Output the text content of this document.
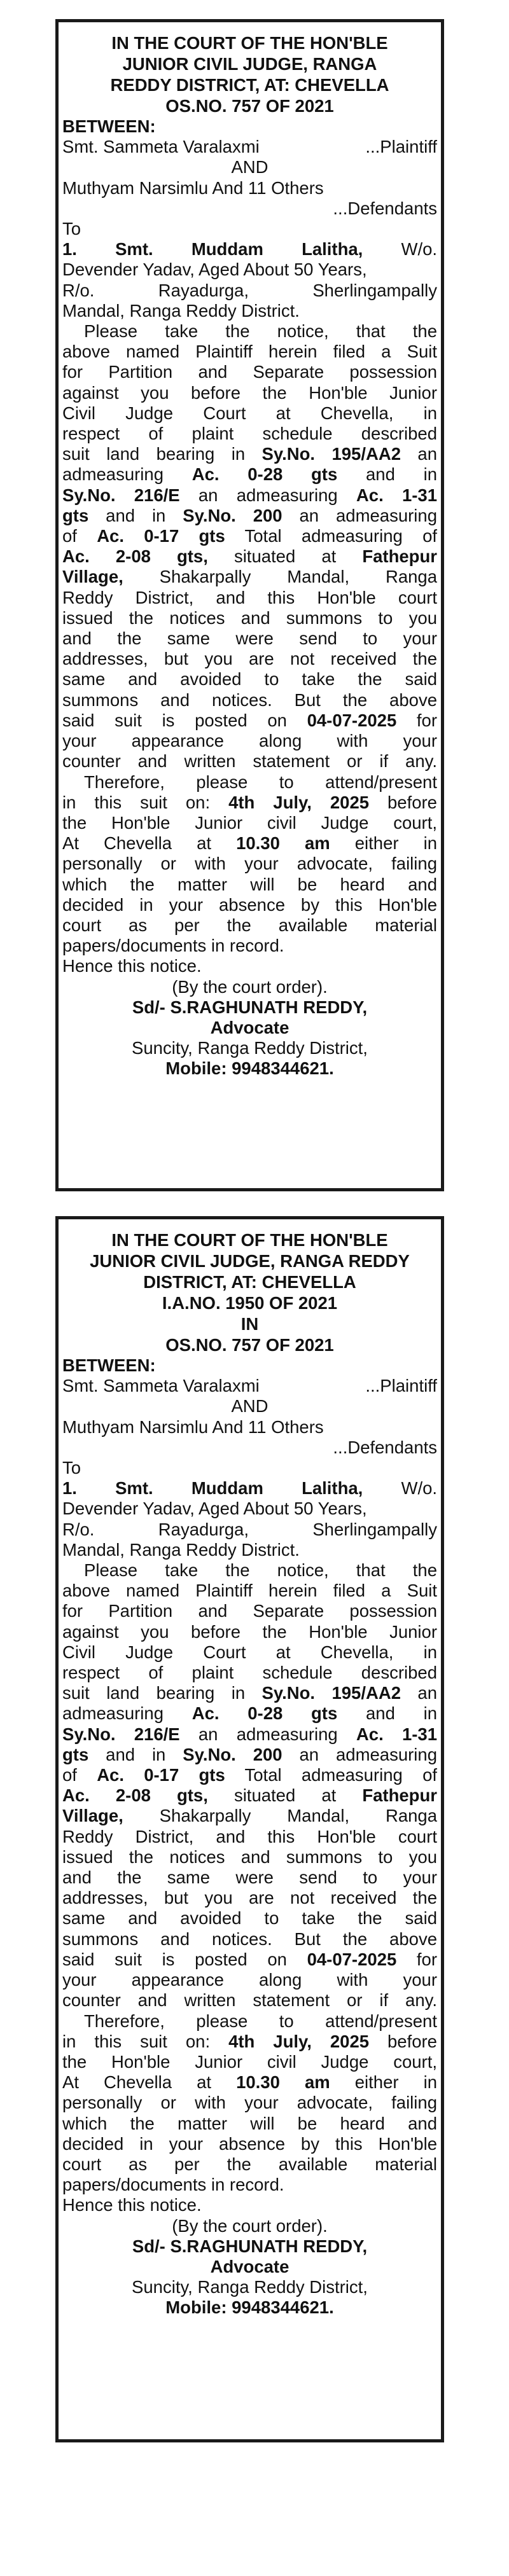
IN THE COURT OF THE HON'BLE
JUNIOR CIVIL JUDGE, RANGA
REDDY DISTRICT, AT: CHEVELLA
OS.NO. 757 OF 2021
BETWEEN:
Smt. Sammeta Varalaxmi	...Plaintiff
AND
Muthyam Narsimlu And 11 Others
...Defendants
To
1. Smt. Muddam Lalitha, W/o.
Devender Yadav, Aged About 50 Years,
R/o.	Rayadurga,	Sherlingampally
Mandal, Ranga Reddy District.
Please take the notice, that the
above named Plaintiff herein filed a Suit
for Partition and Separate possession
against you before the Hon'ble Junior
Civil Judge Court at Chevella, in
respect of plaint schedule described
suit land bearing in Sy.No. 195/AA2 an
admeasuring Ac. 0-28 gts and in
Sy.No. 216/E an admeasuring Ac. 1-31
gts and in Sy.No. 200 an admeasuring
of Ac. 0-17 gts Total admeasuring of
Ac. 2-08 gts, situated at Fathepur
Village, Shakarpally Mandal, Ranga
Reddy District, and this Hon'ble court
issued the notices and summons to you
and the same were send to your
addresses, but you are not received the
same and avoided to take the said
summons and notices. But the above
said suit is posted on 04-07-2025 for
your appearance along with your
counter and written statement or if any.
Therefore, please to attend/present
in this suit on: 4th July, 2025 before
the Hon'ble Junior civil Judge court,
At Chevella at 10.30 am either in
personally or with your advocate, failing
which the matter will be heard and
decided in your absence by this Hon'ble
court as per the available material
papers/documents in record.
Hence this notice.
(By the court order).
Sd/- S.RAGHUNATH REDDY,
Advocate
Suncity, Ranga Reddy District,
Mobile: 9948344621.
IN THE COURT OF THE HON'BLE
JUNIOR CIVIL JUDGE, RANGA REDDY
DISTRICT, AT: CHEVELLA
I.A.NO. 1950 OF 2021
IN
OS.NO. 757 OF 2021
BETWEEN:
Smt. Sammeta Varalaxmi	...Plaintiff
AND
Muthyam Narsimlu And 11 Others
...Defendants
To
1. Smt. Muddam Lalitha, W/o.
Devender Yadav, Aged About 50 Years,
R/o.	Rayadurga,	Sherlingampally
Mandal, Ranga Reddy District.
Please take the notice, that the
above named Plaintiff herein filed a Suit
for Partition and Separate possession
against you before the Hon'ble Junior
Civil Judge Court at Chevella, in
respect of plaint schedule described
suit land bearing in Sy.No. 195/AA2 an
admeasuring Ac. 0-28 gts and in
Sy.No. 216/E an admeasuring Ac. 1-31
gts and in Sy.No. 200 an admeasuring
of Ac. 0-17 gts Total admeasuring of
Ac. 2-08 gts, situated at Fathepur
Village, Shakarpally Mandal, Ranga
Reddy District, and this Hon'ble court
issued the notices and summons to you
and the same were send to your
addresses, but you are not received the
same and avoided to take the said
summons and notices. But the above
said suit is posted on 04-07-2025 for
your appearance along with your
counter and written statement or if any.
Therefore, please to attend/present
in this suit on: 4th July, 2025 before
the Hon'ble Junior civil Judge court,
At Chevella at 10.30 am either in
personally or with your advocate, failing
which the matter will be heard and
decided in your absence by this Hon'ble
court as per the available material
papers/documents in record.
Hence this notice.
(By the court order).
Sd/- S.RAGHUNATH REDDY,
Advocate
Suncity, Ranga Reddy District,
Mobile: 9948344621.
